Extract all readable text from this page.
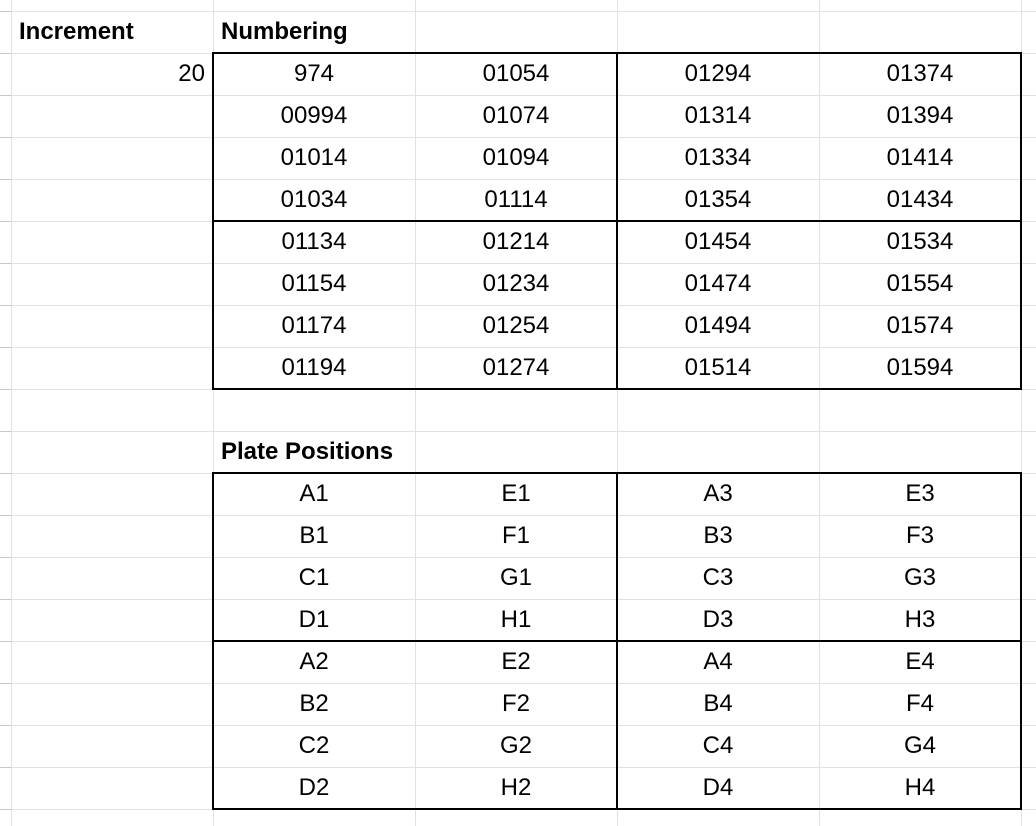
Increment	Numbering
20
Plate Positions
974	01054	01294	01374
00994	01074	01314	01394
01014	01094	01334	01414
01034	01114	01354	01434
01134	01214	01454	01534
01154	01234	01474	01554
01174	01254	01494	01574
01194	01274	01514	01594
A1	E1	A3	E3
B1	F1	B3	F3
C1	G1	C3	G3
D1	H1	D3	H3
A2	E2	A4	E4
B2	F2	B4	F4
C2	G2	C4	G4
D2	H2	D4	H4
